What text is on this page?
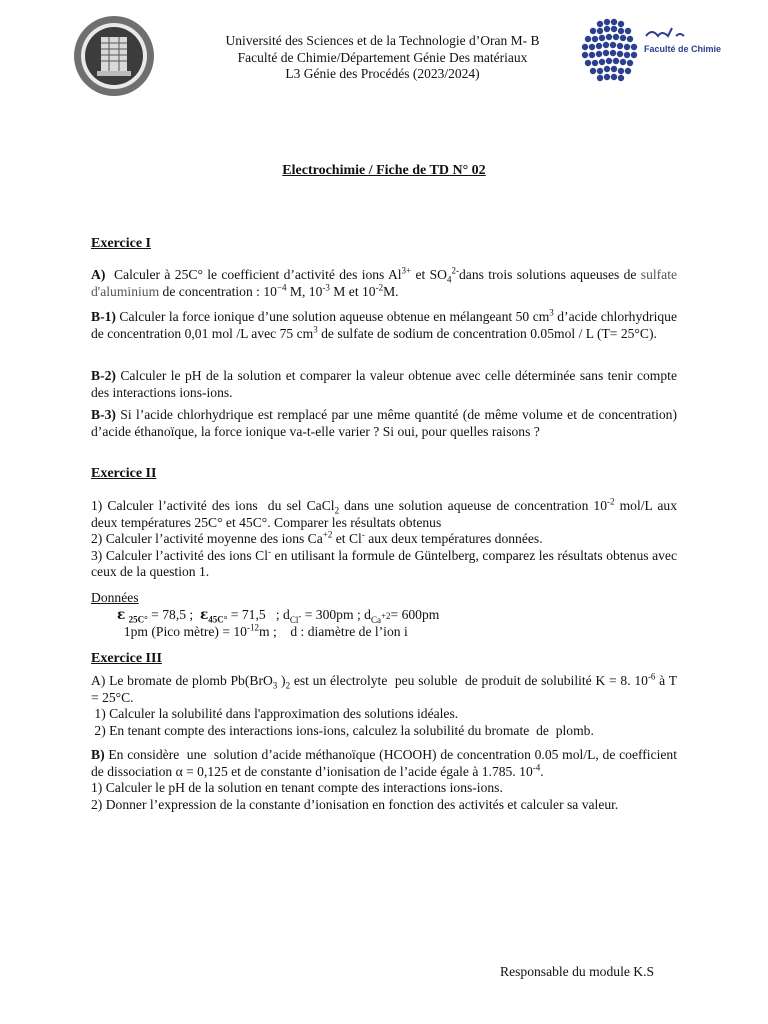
Faculté de Chimie
Université des Sciences et de la Technologie d’Oran M- B
Faculté de Chimie/Département Génie Des matériaux
L3 Génie des Procédés (2023/2024)
Electrochimie / Fiche de TD N° 02
Exercice I
A)  Calculer à 25C° le coefficient d’activité des ions $Al^{3+}$ et $SO_4^{2-}dans$ trois solutions aqueuses de sulfate d'aluminium de concentration : $10^{-4}$ M, $10^{-3}$ M et $10^{-2}M$.
B-1) Calculer la force ionique d’une solution aqueuse obtenue en mélangeant 50 $cm^3$ d’acide chlorhydrique de concentration 0,01 mol /L avec 75 $cm^3$ de sulfate de sodium de concentration 0.05mol / L (T= 25°C).
B-2) Calculer le pH de la solution et comparer la valeur obtenue avec celle déterminée sans tenir compte des interactions ions-ions.
B-3) Si l’acide chlorhydrique est remplacé par une même quantité (de même volume et de concentration) d’acide éthanoïque, la force ionique va-t-elle varier ? Si oui, pour quelles raisons ?
Exercice II
1) Calculer l’activité des ions  du sel CaCl$_2$ dans une solution aqueuse de concentration $10^{-2}$ mol/L aux deux températures 25C° et 45C°. Comparer les résultats obtenus
2) Calculer l’activité moyenne des ions $Ca^{+2}$ et Cl- aux deux températures données.
3) Calculer l’activité des ions Cl- en utilisant la formule de Güntelberg, comparez les résultats obtenus avec ceux de la question 1.
Données
ε $_{25C^\circ}$ = 78,5 ;  $\varepsilon_{45C^\circ} = 71,5$   ; $d_{Cl^-} = 300pm$ ; $d_{Ca^{+2}}= 600pm$
1pm (Pico mètre) = $10^{-12}m$ ;    d : diamètre de l’ion i
Exercice III
A) Le bromate de plomb Pb(BrO$_3$ )$_2$ est un électrolyte  peu soluble  de produit de solubilité K = 8. $10^{-6}$ à T = 25°C.
1) Calculer la solubilité dans l'approximation des solutions idéales.
2) En tenant compte des interactions ions-ions, calculez la solubilité du bromate  de  plomb.
B) En considère  une  solution d’acide méthanoïque (HCOOH) de concentration 0.05 mol/L, de coefficient de dissociation α = 0,125 et de constante d’ionisation de l’acide égale à 1.785. $10^{-4}$.
1) Calculer le pH de la solution en tenant compte des interactions ions-ions.
2) Donner l’expression de la constante d’ionisation en fonction des activités et calculer sa valeur.
Responsable du module K.S
